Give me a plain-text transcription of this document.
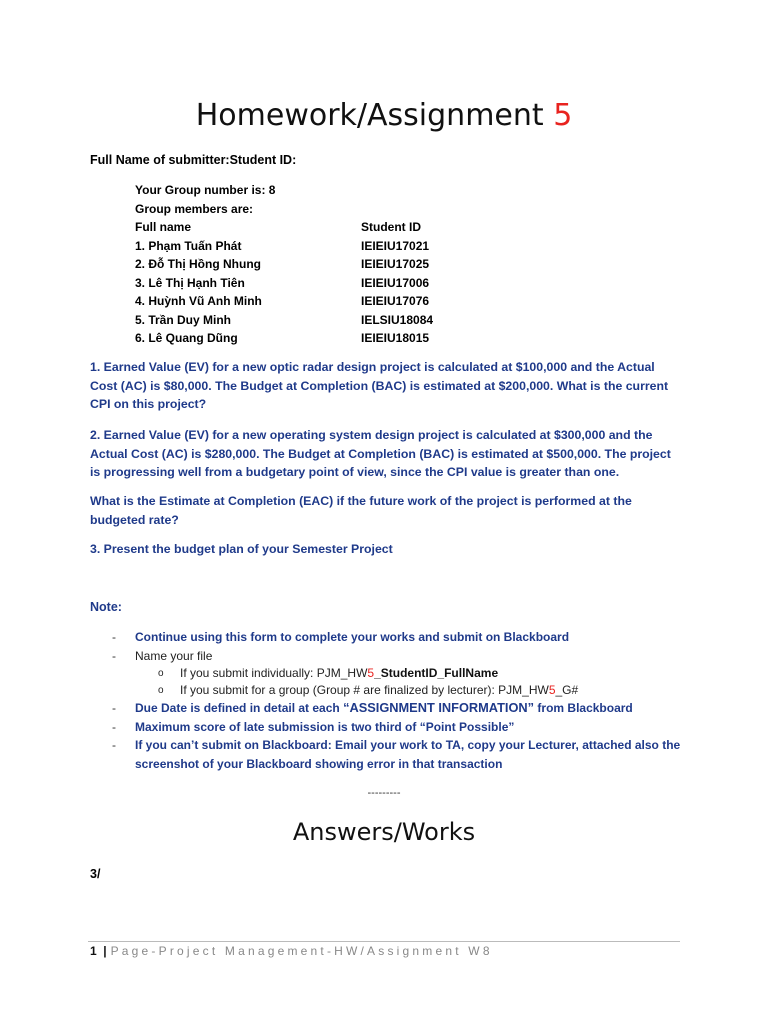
Homework/Assignment 5
Full Name of submitter:Student ID:
Your Group number is: 8
Group members are:
Full name	Student ID
1. Phạm Tuấn Phát	IEIEIU17021
2. Đỗ Thị Hồng Nhung	IEIEIU17025
3. Lê Thị Hạnh Tiên	IEIEIU17006
4. Huỳnh Vũ Anh Minh	IEIEIU17076
5. Trần Duy Minh	IELSIU18084
6. Lê Quang Dũng	IEIEIU18015
1. Earned Value (EV) for a new optic radar design project is calculated at $100,000 and the Actual Cost (AC) is $80,000. The Budget at Completion (BAC) is estimated at $200,000. What is the current CPI on this project?
2. Earned Value (EV) for a new operating system design project is calculated at $300,000 and the Actual Cost (AC) is $280,000. The Budget at Completion (BAC) is estimated at $500,000. The project is progressing well from a budgetary point of view, since the CPI value is greater than one.
What is the Estimate at Completion (EAC) if the future work of the project is performed at the budgeted rate?
3. Present the budget plan of your Semester Project
Note:
- Continue using this form to complete your works and submit on Blackboard
- Name your file
o If you submit individually: PJM_HW5_StudentID_FullName
o If you submit for a group (Group # are finalized by lecturer): PJM_HW5_G#
- Due Date is defined in detail at each “ASSIGNMENT INFORMATION” from Blackboard
- Maximum score of late submission is two third of “Point Possible”
- If you can’t submit on Blackboard: Email your work to TA, copy your Lecturer, attached also the screenshot of your Blackboard showing error in that transaction
---------
Answers/Works
3/
1 | Page-Project Management-HW/Assignment W8
